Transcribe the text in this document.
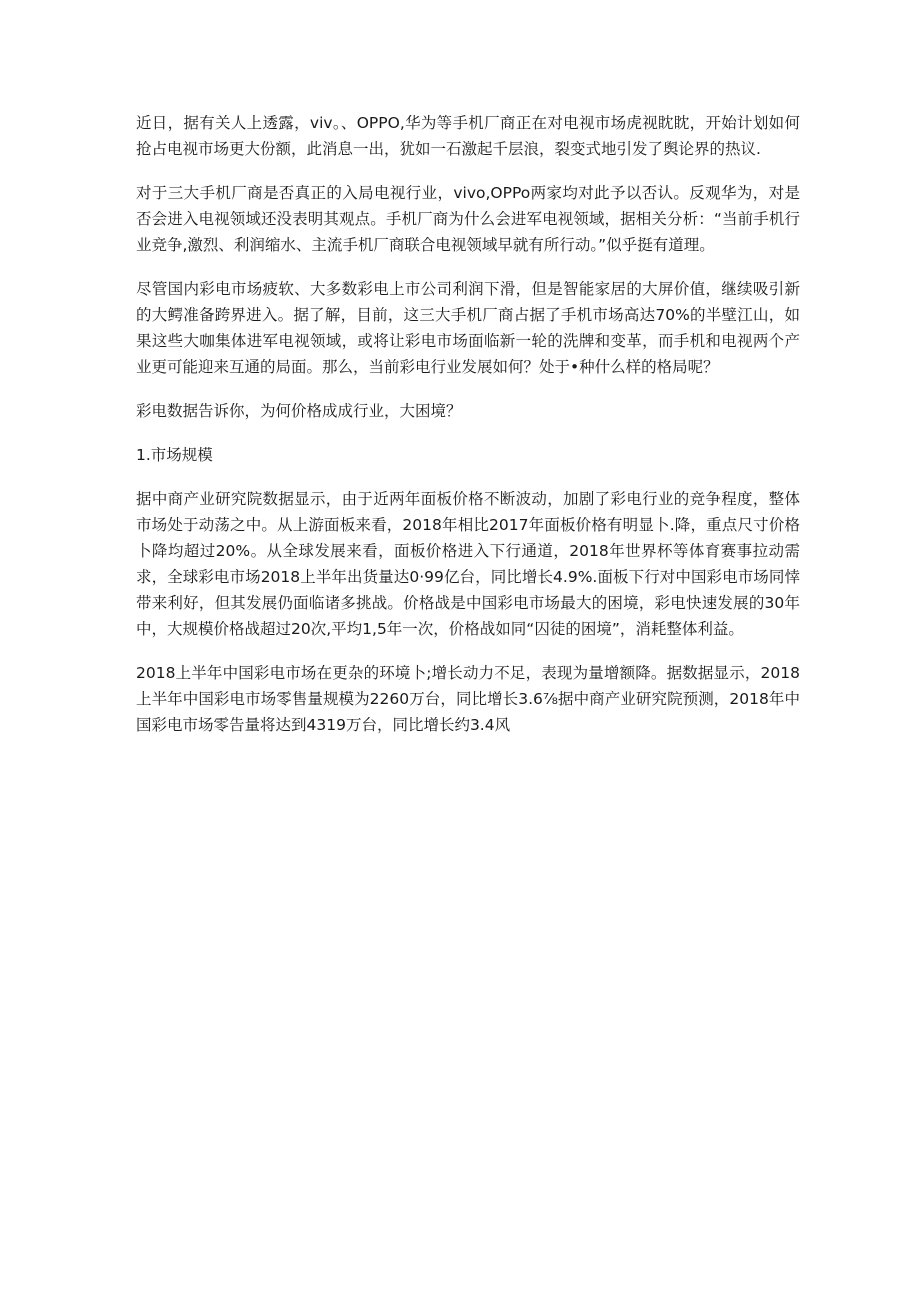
近日，据有关人上透露，viv。、OPPO,华为等手机厂商正在对电视市场虎视眈眈，开始计划如何抢占电视市场更大份额，此消息一出，犹如一石激起千层浪，裂变式地引发了舆论界的热议.

对于三大手机厂商是否真正的入局电视行业，vivo,OPPo两家均对此予以否认。反观华为，对是否会进入电视领域还没表明其观点。手机厂商为什么会进军电视领域，据相关分析：“当前手机行业竞争,激烈、利润缩水、主流手机厂商联合电视领域早就有所行动。”似乎挺有道理。

尽管国内彩电市场疲软、大多数彩电上市公司利润下滑，但是智能家居的大屏价值，继续吸引新的大鳄准备跨界进入。据了解，目前，这三大手机厂商占据了手机市场高达70%的半壁江山，如果这些大咖集体进军电视领域，或将让彩电市场面临新一轮的洗牌和变革，而手机和电视两个产业更可能迎来互通的局面。那么，当前彩电行业发展如何？处于•种什么样的格局呢？

彩电数据告诉你，为何价格成成行业，大困境？

1.市场规模

据中商产业研究院数据显示，由于近两年面板价格不断波动，加剧了彩电行业的竞争程度，整体市场处于动荡之中。从上游面板来看，2018年相比2017年面板价格有明显卜.降，重点尺寸价格卜降均超过20%。从全球发展来看，面板价格进入下行通道，2018年世界杯等体育赛事拉动需求，全球彩电市场2018上半年出货量达0·99亿台，同比增长4.9%.面板下行对中国彩电市场同悻带来利好，但其发展仍面临诸多挑战。价格战是中国彩电市场最大的困境，彩电快速发展的30年中，大规模价格战超过20次,平均1,5年一次，价格战如同“囚徒的困境”，消耗整体利益。

2018上半年中国彩电市场在更杂的环境卜;增长动力不足，表现为量增额降。据数据显示，2018上半年中国彩电市场零售量规模为2260万台，同比增长3.6⅞据中商产业研究院预测，2018年中国彩电市场零告量将达到4319万台，同比增长约3.4风
